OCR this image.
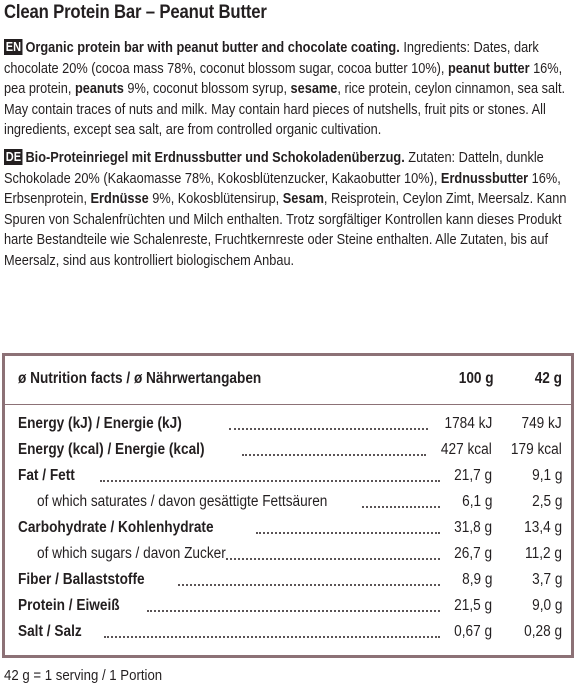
Clean Protein Bar – Peanut Butter

EN Organic protein bar with peanut butter and chocolate coating. Ingredients: Dates, dark chocolate 20% (cocoa mass 78%, coconut blossom sugar, cocoa butter 10%), peanut butter 16%, pea protein, peanuts 9%, coconut blossom syrup, sesame, rice protein, ceylon cinnamon, sea salt. May contain traces of nuts and milk. May contain hard pieces of nutshells, fruit pits or stones. All ingredients, except sea salt, are from controlled organic cultivation.

DE Bio-Proteinriegel mit Erdnussbutter und Schokoladenüberzug. Zutaten: Datteln, dunkle Schokolade 20% (Kakaomasse 78%, Kokosblütenzucker, Kakaobutter 10%), Erdnussbutter 16%, Erbsenprotein, Erdnüsse 9%, Kokosblütensirup, Sesam, Reisprotein, Ceylon Zimt, Meersalz. Kann Spuren von Schalenfrüchten und Milch enthalten. Trotz sorgfältiger Kontrollen kann dieses Produkt harte Bestandteile wie Schalenreste, Fruchtkernreste oder Steine enthalten. Alle Zutaten, bis auf Meersalz, sind aus kontrolliert biologischem Anbau.

ø Nutrition facts / ø Nährwertangaben	100 g	42 g
Energy (kJ) / Energie (kJ)	1784 kJ 749 kJ
Energy (kcal) / Energie (kcal)	427 kcal 179 kcal
Fat / Fett	21,7 g	9,1 g
of which saturates / davon gesättigte Fettsäuren	6,1 g	2,5 g
Carbohydrate / Kohlenhydrate	31,8 g 13,4 g
of which sugars / davon Zucker	26,7 g 11,2 g
Fiber / Ballaststoffe	8,9 g	3,7 g
Protein / Eiweiß	21,5 g	9,0 g
Salt / Salz	0,67 g 0,28 g
42 g = 1 serving / 1 Portion
